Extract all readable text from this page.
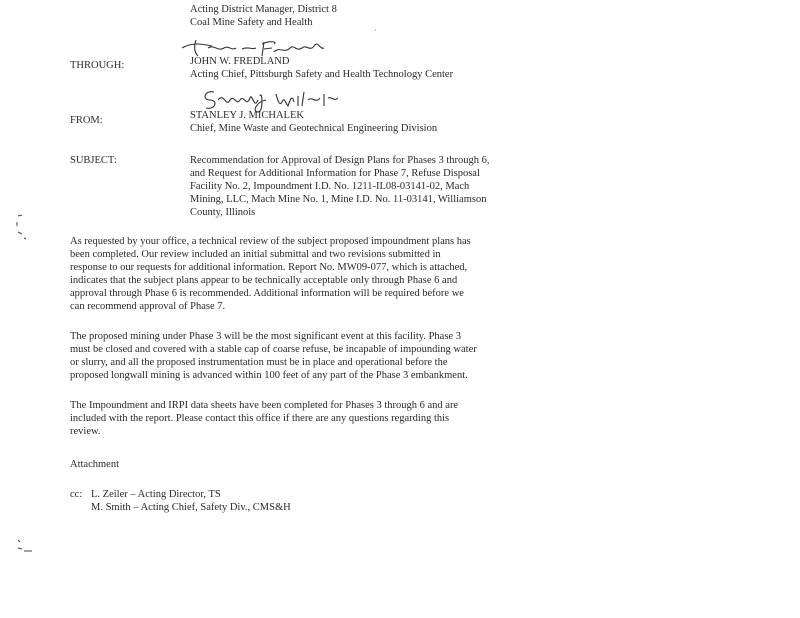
Acting District Manager, District 8
Coal Mine Safety and Health
·
THROUGH:	JOHN W. FREDLAND
Acting Chief, Pittsburgh Safety and Health Technology Center
FROM:	STANLEY J. MICHALEK
Chief, Mine Waste and Geotechnical Engineering Division
SUBJECT:	Recommendation for Approval of Design Plans for Phases 3 through 6,
and Request for Additional Information for Phase 7, Refuse Disposal
Facility No. 2, Impoundment I.D. No. 1211-IL08-03141-02, Mach
Mining, LLC, Mach Mine No. 1, Mine I.D. No. 11-03141, Williamson
County, Illinois
As requested by your office, a technical review of the subject proposed impoundment plans has
been completed. Our review included an initial submittal and two revisions submitted in
response to our requests for additional information. Report No. MW09-077, which is attached,
indicates that the subject plans appear to be technically acceptable only through Phase 6 and
approval through Phase 6 is recommended. Additional information will be required before we
can recommend approval of Phase 7.
The proposed mining under Phase 3 will be the most significant event at this facility. Phase 3
must be closed and covered with a stable cap of coarse refuse, be incapable of impounding water
or slurry, and all the proposed instrumentation must be in place and operational before the
proposed longwall mining is advanced within 100 feet of any part of the Phase 3 embankment.
The Impoundment and IRPI data sheets have been completed for Phases 3 through 6 and are
included with the report. Please contact this office if there are any questions regarding this
review.
Attachment
cc: L. Zeiler – Acting Director, TS
M. Smith – Acting Chief, Safety Div., CMS&H
